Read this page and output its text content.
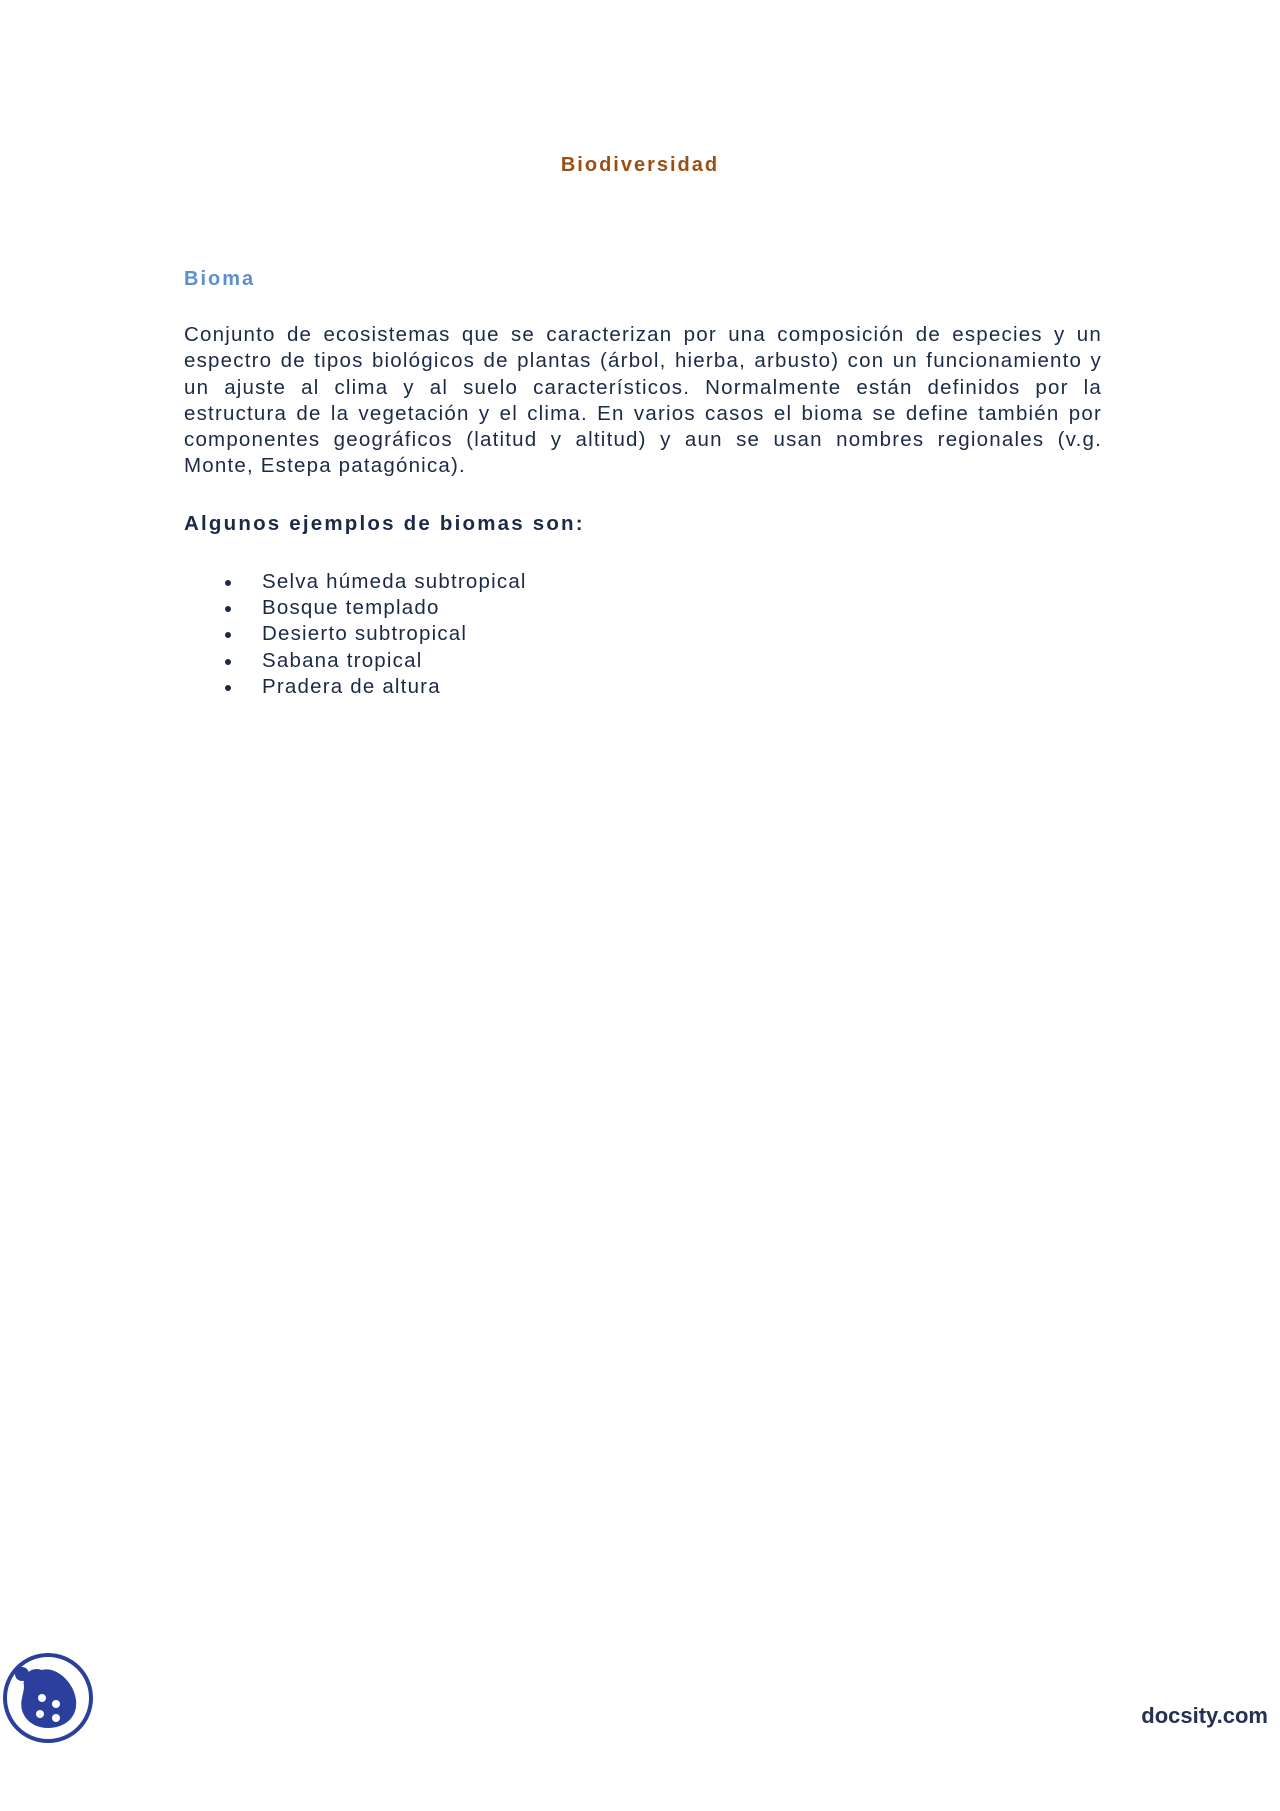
Biodiversidad
Bioma

Conjunto de ecosistemas que se caracterizan por una composición de especies y un espectro de tipos biológicos de plantas (árbol, hierba, arbusto) con un funcionamiento y un ajuste al clima y al suelo característicos. Normalmente están definidos por la estructura de la vegetación y el clima. En varios casos el bioma se define también por componentes geográficos (latitud y altitud) y aun se usan nombres regionales (v.g. Monte, Estepa patagónica).

Algunos ejemplos de biomas son:

Selva húmeda subtropical
Bosque templado
Desierto subtropical
Sabana tropical
Pradera de altura

docsity.com
